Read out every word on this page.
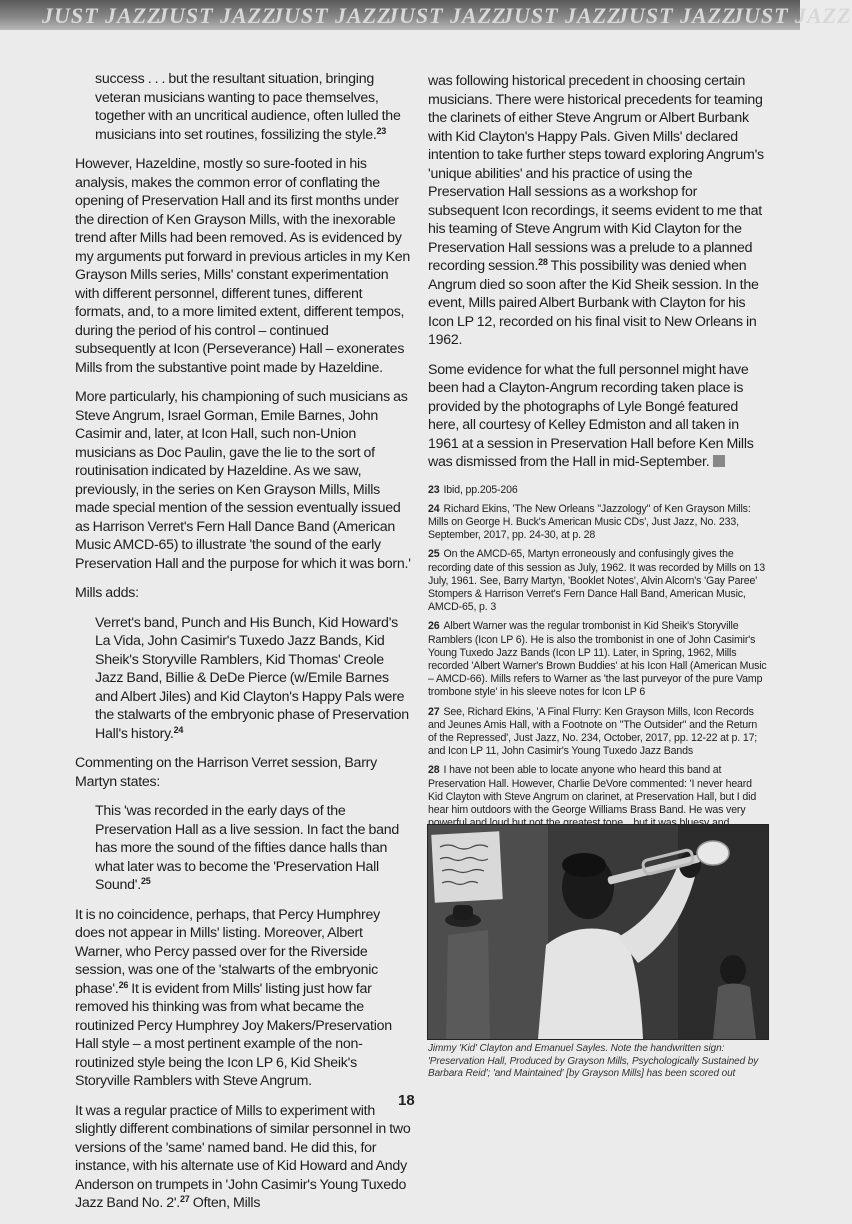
JUST JAZZ
JUST JAZZ
JUST JAZZ
JUST JAZZ
JUST JAZZ
JUST JAZZ
JUST JAZZ

success . . . but the resultant situation, bringing veteran musicians wanting to pace themselves, together with an uncritical audience, often lulled the musicians into set routines, fossilizing the style.$^{23}$

However, Hazeldine, mostly so sure-footed in his analysis, makes the common error of conflating the opening of Preservation Hall and its first months under the direction of Ken Grayson Mills, with the inexorable trend after Mills had been removed. As is evidenced by my arguments put forward in previous articles in my Ken Grayson Mills series, Mills' constant experimentation with different personnel, different tunes, different formats, and, to a more limited extent, different tempos, during the period of his control – continued subsequently at Icon (Perseverance) Hall – exonerates Mills from the substantive point made by Hazeldine.

More particularly, his championing of such musicians as Steve Angrum, Israel Gorman, Emile Barnes, John Casimir and, later, at Icon Hall, such non-Union musicians as Doc Paulin, gave the lie to the sort of routinisation indicated by Hazeldine. As we saw, previously, in the series on Ken Grayson Mills, Mills made special mention of the session eventually issued as Harrison Verret's Fern Hall Dance Band (American Music AMCD-65) to illustrate 'the sound of the early Preservation Hall and the purpose for which it was born.'

Mills adds:

Verret's band, Punch and His Bunch, Kid Howard's La Vida, John Casimir's Tuxedo Jazz Bands, Kid Sheik's Storyville Ramblers, Kid Thomas' Creole Jazz Band, Billie & DeDe Pierce (w/Emile Barnes and Albert Jiles) and Kid Clayton's Happy Pals were the stalwarts of the embryonic phase of Preservation Hall's history.$^{24}$

Commenting on the Harrison Verret session, Barry Martyn states:

This 'was recorded in the early days of the Preservation Hall as a live session. In fact the band has more the sound of the fifties dance halls than what later was to become the 'Preservation Hall Sound'.$^{25}$

It is no coincidence, perhaps, that Percy Humphrey does not appear in Mills' listing. Moreover, Albert Warner, who Percy passed over for the Riverside session, was one of the 'stalwarts of the embryonic phase'.$^{26}$ It is evident from Mills' listing just how far removed his thinking was from what became the routinized Percy Humphrey Joy Makers/Preservation Hall style – a most pertinent example of the non-routinized style being the Icon LP 6, Kid Sheik's Storyville Ramblers with Steve Angrum.

It was a regular practice of Mills to experiment with slightly different combinations of similar personnel in two versions of the 'same' named band. He did this, for instance, with his alternate use of Kid Howard and Andy Anderson on trumpets in 'John Casimir's Young Tuxedo Jazz Band No. 2'.$^{27}$ Often, Mills

was following historical precedent in choosing certain musicians. There were historical precedents for teaming the clarinets of either Steve Angrum or Albert Burbank with Kid Clayton's Happy Pals. Given Mills' declared intention to take further steps toward exploring Angrum's 'unique abilities' and his practice of using the Preservation Hall sessions as a workshop for subsequent Icon recordings, it seems evident to me that his teaming of Steve Angrum with Kid Clayton for the Preservation Hall sessions was a prelude to a planned recording session.$^{28}$ This possibility was denied when Angrum died so soon after the Kid Sheik session. In the event, Mills paired Albert Burbank with Clayton for his Icon LP 12, recorded on his final visit to New Orleans in 1962.

Some evidence for what the full personnel might have been had a Clayton-Angrum recording taken place is provided by the photographs of Lyle Bongé featured here, all courtesy of Kelley Edmiston and all taken in 1961 at a session in Preservation Hall before Ken Mills was dismissed from the Hall in mid-September.

23 Ibid, pp.205-206

24 Richard Ekins, 'The New Orleans "Jazzology" of Ken Grayson Mills: Mills on George H. Buck's American Music CDs', Just Jazz, No. 233, September, 2017, pp. 24-30, at p. 28

25 On the AMCD-65, Martyn erroneously and confusingly gives the recording date of this session as July, 1962. It was recorded by Mills on 13 July, 1961. See, Barry Martyn, 'Booklet Notes', Alvin Alcorn's 'Gay Paree' Stompers & Harrison Verret's Fern Dance Hall Band, American Music, AMCD-65, p. 3

26 Albert Warner was the regular trombonist in Kid Sheik's Storyville Ramblers (Icon LP 6). He is also the trombonist in one of John Casimir's Young Tuxedo Jazz Bands (Icon LP 11). Later, in Spring, 1962, Mills recorded 'Albert Warner's Brown Buddies' at his Icon Hall (American Music – AMCD-66). Mills refers to Warner as 'the last purveyor of the pure Vamp trombone style' in his sleeve notes for Icon LP 6

27 See, Richard Ekins, 'A Final Flurry: Ken Grayson Mills, Icon Records and Jeunes Amis Hall, with a Footnote on "The Outsider" and the Return of the Repressed', Just Jazz, No. 234, October, 2017, pp. 12-22 at p. 17; and Icon LP 11, John Casimir's Young Tuxedo Jazz Bands

28 I have not been able to locate anyone who heard this band at Preservation Hall. However, Charlie DeVore commented: 'I never heard Kid Clayton with Steve Angrum on clarinet, at Preservation Hall, but I did hear him outdoors with the George Williams Brass Band. He was very

Jimmy 'Kid' Clayton and Emanuel Sayles. Note the handwritten sign: 'Preservation Hall, Produced by Grayson Mills, Psychologically Sustained by Barbara Reid'; 'and Maintained' [by Grayson Mills] has been scored out
18
